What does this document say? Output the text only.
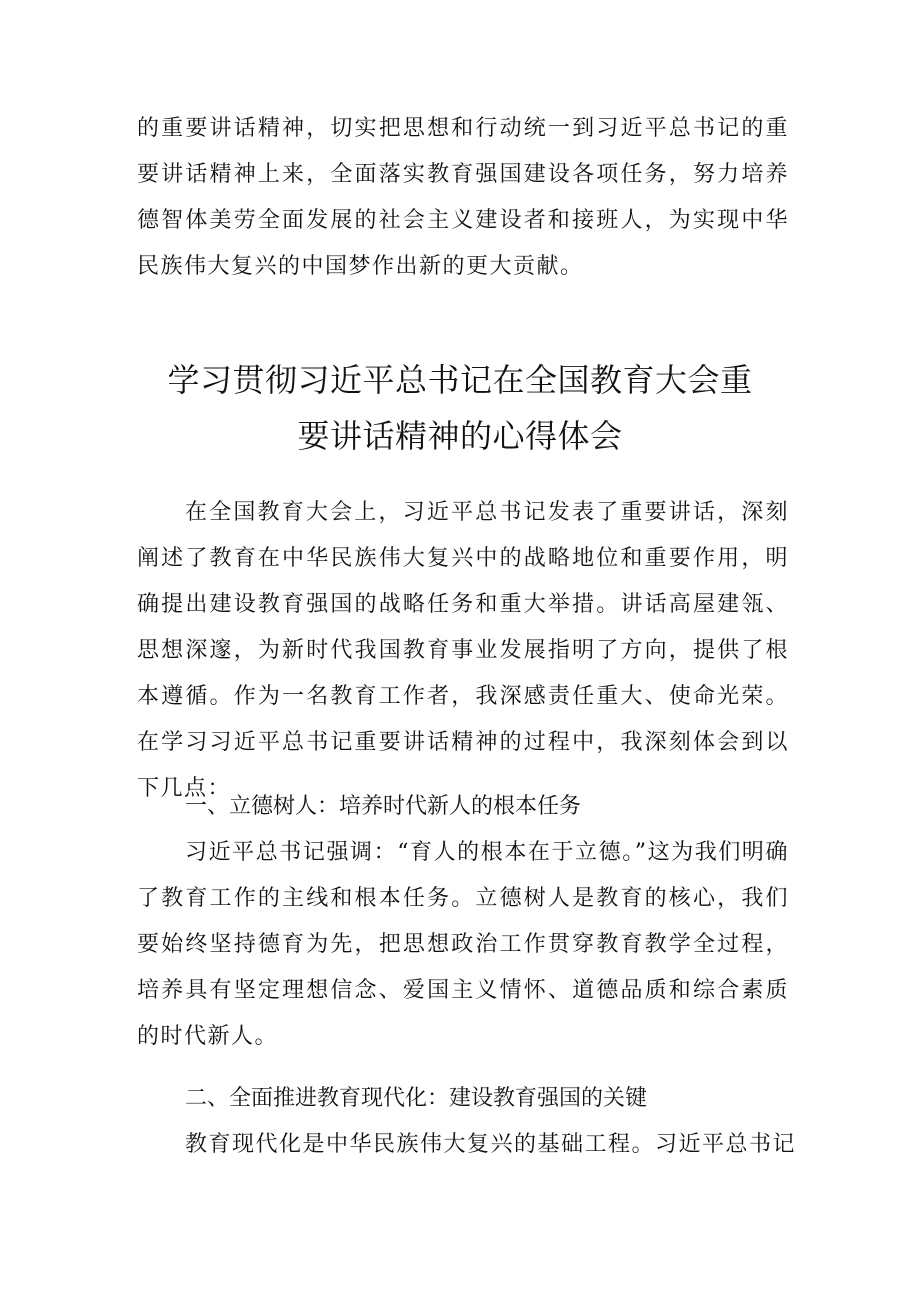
的重要讲话精神，切实把思想和行动统一到习近平总书记的重要讲话精神上来，全面落实教育强国建设各项任务，努力培养德智体美劳全面发展的社会主义建设者和接班人，为实现中华民族伟大复兴的中国梦作出新的更大贡献。

学习贯彻习近平总书记在全国教育大会重
要讲话精神的心得体会

在全国教育大会上，习近平总书记发表了重要讲话，深刻阐述了教育在中华民族伟大复兴中的战略地位和重要作用，明确提出建设教育强国的战略任务和重大举措。讲话高屋建瓴、思想深邃，为新时代我国教育事业发展指明了方向，提供了根本遵循。作为一名教育工作者，我深感责任重大、使命光荣。在学习习近平总书记重要讲话精神的过程中，我深刻体会到以下几点：

一、立德树人：培养时代新人的根本任务

习近平总书记强调：“育人的根本在于立德。”这为我们明确了教育工作的主线和根本任务。立德树人是教育的核心，我们要始终坚持德育为先，把思想政治工作贯穿教育教学全过程，培养具有坚定理想信念、爱国主义情怀、道德品质和综合素质的时代新人。

二、全面推进教育现代化：建设教育强国的关键

教育现代化是中华民族伟大复兴的基础工程。习近平总书记
